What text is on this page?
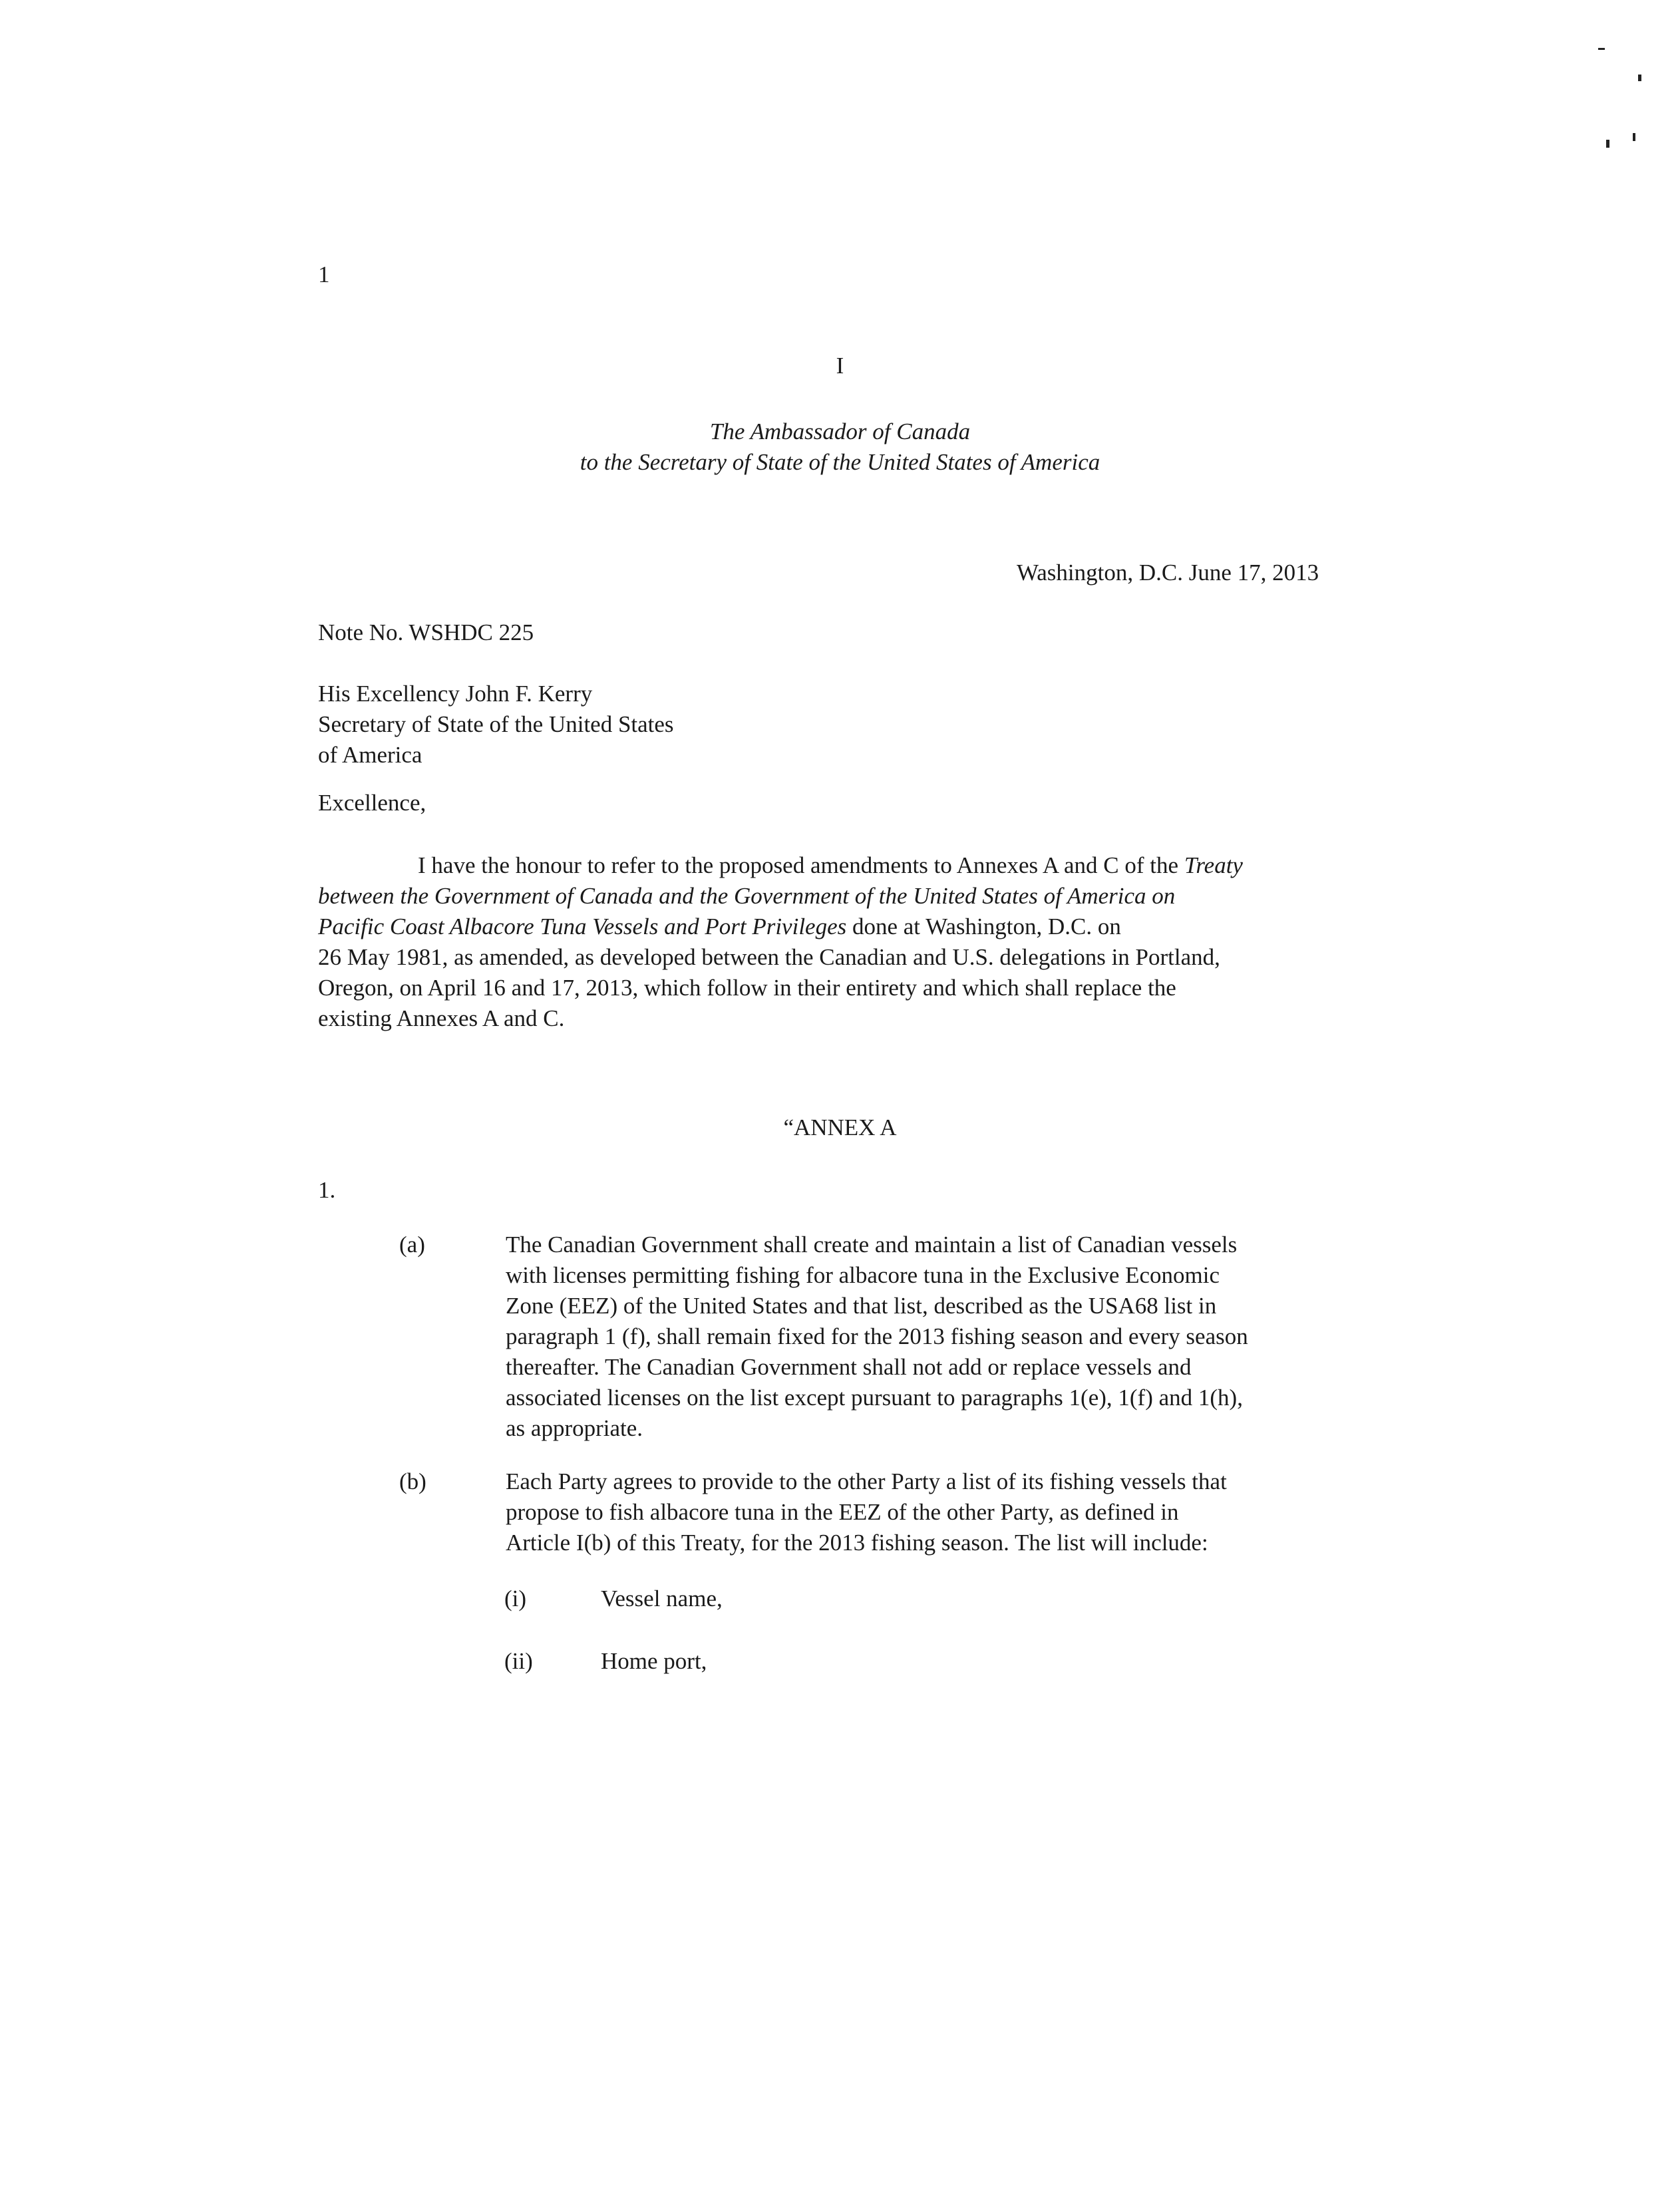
1

I

The Ambassador of Canada

to the Secretary of State of the United States of America

Washington, D.C. June 17, 2013

Note No. WSHDC 225

His Excellency John F. Kerry

Secretary of State of the United States

of America

Excellence,

I have the honour to refer to the proposed amendments to Annexes A and C of the Treaty
between the Government of Canada and the Government of the United States of America on
Pacific Coast Albacore Tuna Vessels and Port Privileges done at Washington, D.C. on
26 May 1981, as amended, as developed between the Canadian and U.S. delegations in Portland,
Oregon, on April 16 and 17, 2013, which follow in their entirety and which shall replace the
existing Annexes A and C.

“ANNEX A

1.

(a)	The Canadian Government shall create and maintain a list of Canadian vessels
with licenses permitting fishing for albacore tuna in the Exclusive Economic
Zone (EEZ) of the United States and that list, described as the USA68 list in
paragraph 1 (f), shall remain fixed for the 2013 fishing season and every season
thereafter. The Canadian Government shall not add or replace vessels and
associated licenses on the list except pursuant to paragraphs 1(e), 1(f) and 1(h),
as appropriate.
(b)	Each Party agrees to provide to the other Party a list of its fishing vessels that
propose to fish albacore tuna in the EEZ of the other Party, as defined in
Article I(b) of this Treaty, for the 2013 fishing season. The list will include:
(i)	Vessel name,
(ii)	Home port,
